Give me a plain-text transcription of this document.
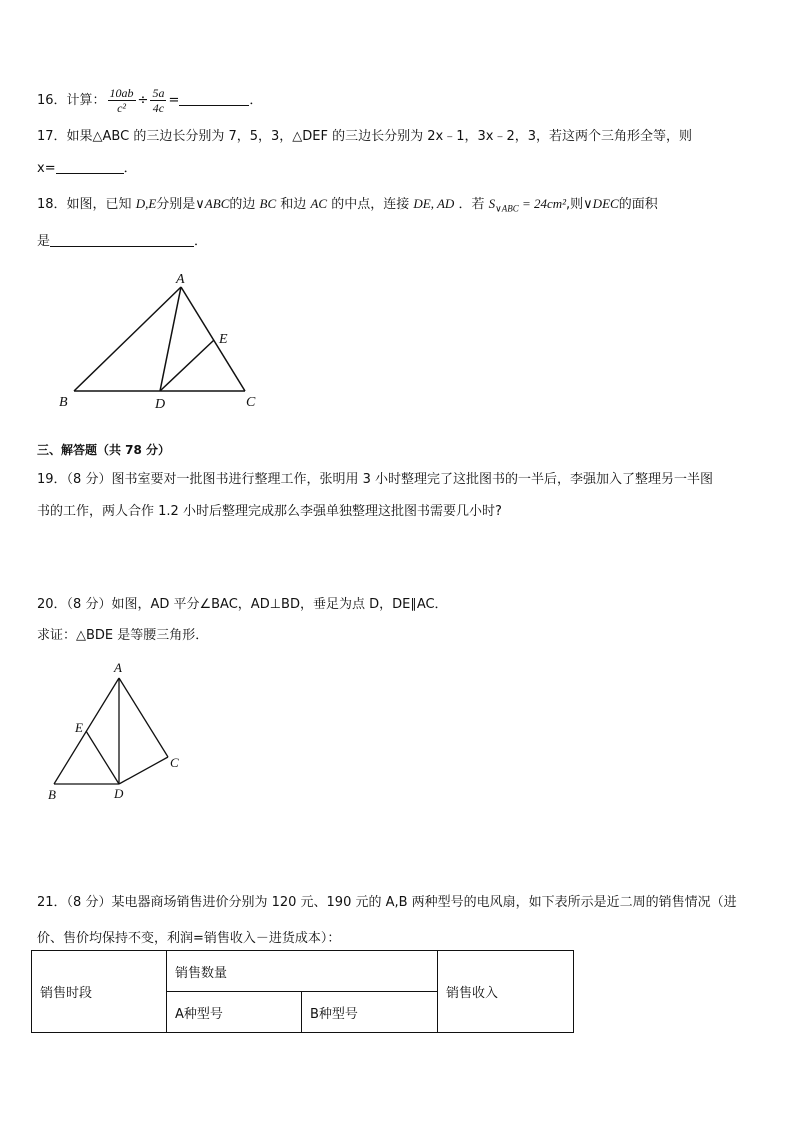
16．计算： $\frac{10ab}{\text{c²}} \div \frac{5a}{4c}$ =	．
17．如果△ABC 的三边长分别为 7，5，3，△DEF 的三边长分别为 2x﹣1，3x﹣2，3，若这两个三角形全等，则
x=	．
18．如图，已知 D,E分别是∨ABC的边 BC 和边 AC 的中点，连接 DE, AD ．若 $S_{\vee ABC} = 24cm^2$,则∨DEC的面积
是	．
A
B	C
D
E
三、解答题（共 78 分）
19．（8 分）图书室要对一批图书进行整理工作，张明用 3 小时整理完了这批图书的一半后，李强加入了整理另一半图
书的工作，两人合作 1.2 小时后整理完成那么李强单独整理这批图书需要几小时?
20．（8 分）如图，AD 平分∠BAC，AD⊥BD，垂足为点 D，DE∥AC．
求证：△BDE 是等腰三角形．
A
B
C
D
E
21．（8 分）某电器商场销售进价分别为 120 元、190 元的 A,B 两种型号的电风扇，如下表所示是近二周的销售情况（进
价、售价均保持不变，利润=销售收入－进货成本）：
销售时段	销售数量		销售收入
	A种型号	B种型号	
